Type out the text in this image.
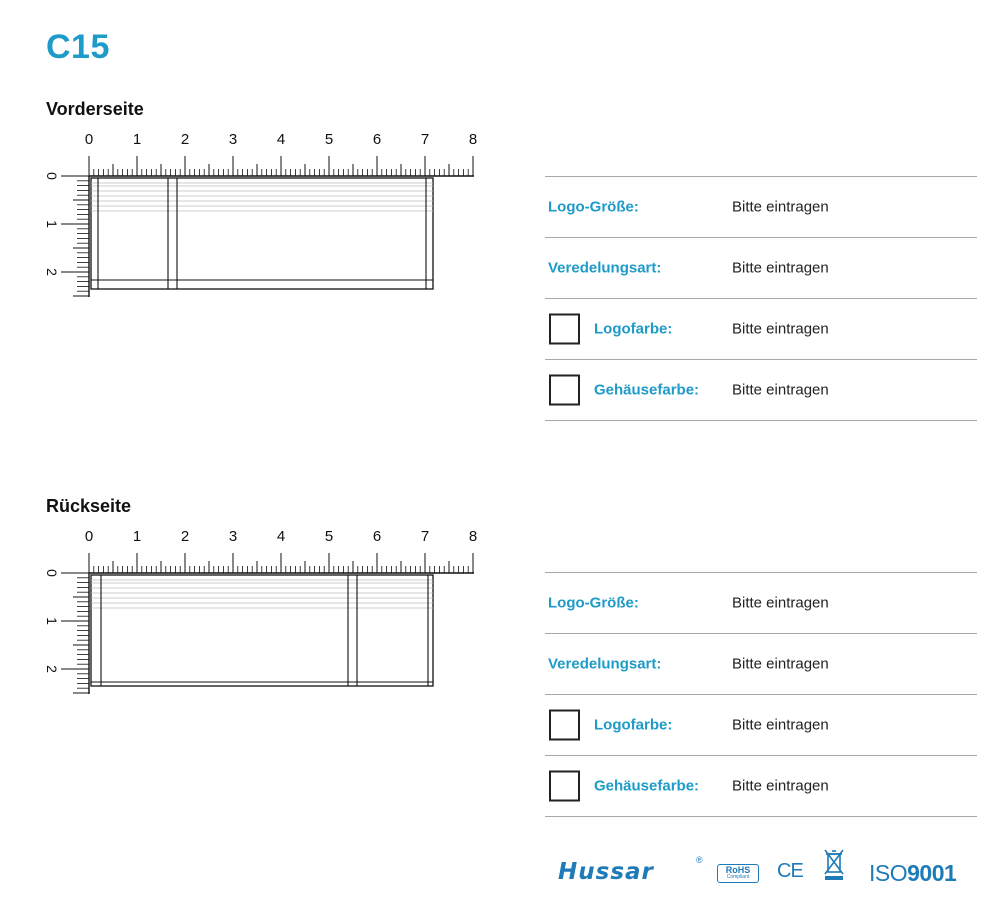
C15
Vorderseite
0	1	2	3	4	5	6	7	8
0
1
2
Logo-Größe:	Bitte eintragen
Veredelungsart:	Bitte eintragen
Logofarbe:	Bitte eintragen
Gehäusefarbe: Bitte eintragen
Rückseite
0	1	2	3	4	5	6	7	8
0
1
2
Logo-Größe:	Bitte eintragen
Veredelungsart:	Bitte eintragen
Logofarbe:	Bitte eintragen
Gehäusefarbe: Bitte eintragen
Hussar	®
RoHS
Compliant	CE	ISO9001
